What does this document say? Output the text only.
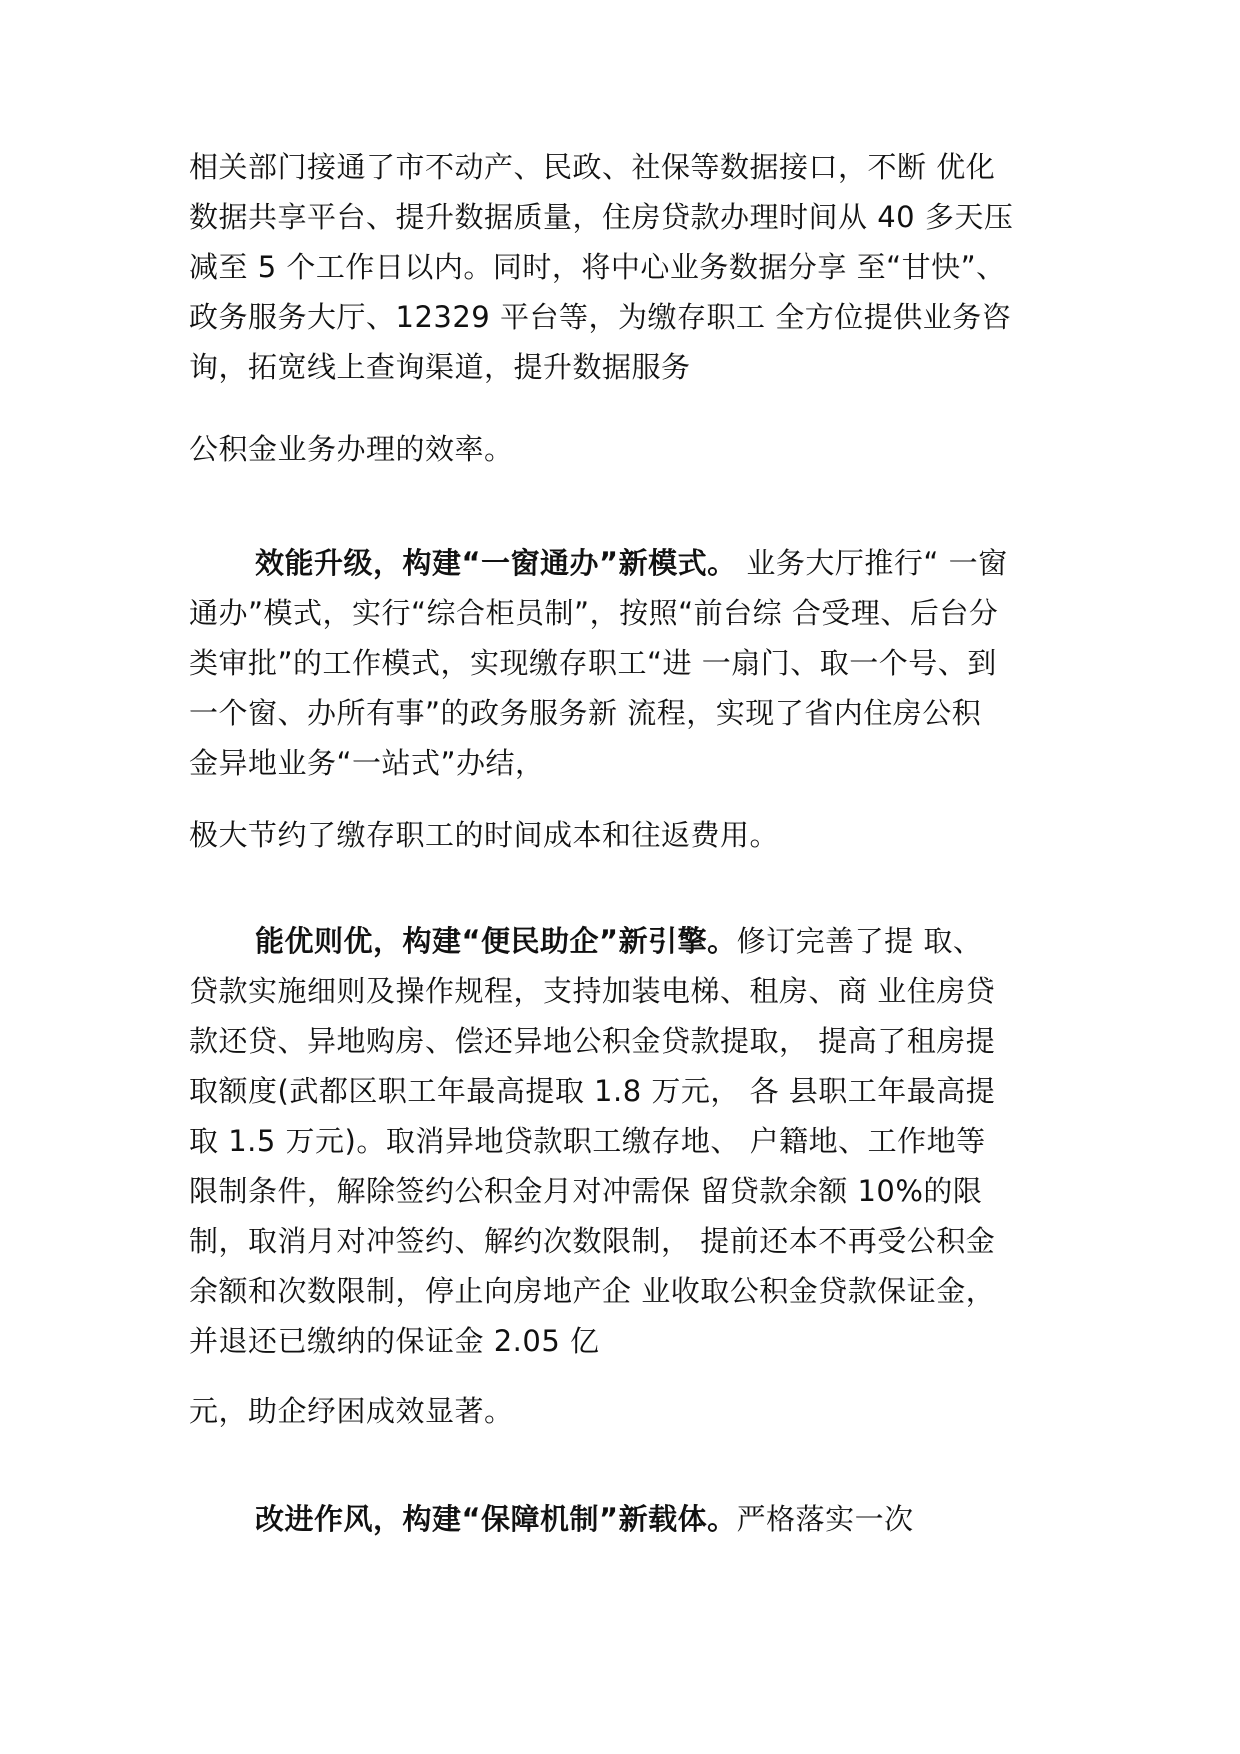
相关部门接通了市不动产、民政、社保等数据接口，不断 优化
数据共享平台、提升数据质量，住房贷款办理时间从 40 多天压
减至 5 个工作日以内。同时，将中心业务数据分享 至“甘快”、
政务服务大厅、12329 平台等，为缴存职工 全方位提供业务咨
询，拓宽线上查询渠道，提升数据服务
公积金业务办理的效率。
效能升级，构建“一窗通办”新模式。 业务大厅推行“ 一窗
通办”模式，实行“综合柜员制”，按照“前台综 合受理、后台分
类审批”的工作模式，实现缴存职工“进 一扇门、取一个号、到
一个窗、办所有事”的政务服务新 流程，实现了省内住房公积
金异地业务“一站式”办结，
极大节约了缴存职工的时间成本和往返费用。
能优则优，构建“便民助企”新引擎。修订完善了提 取、
贷款实施细则及操作规程，支持加装电梯、租房、商 业住房贷
款还贷、异地购房、偿还异地公积金贷款提取， 提高了租房提
取额度(武都区职工年最高提取 1.8 万元， 各 县职工年最高提
取 1.5 万元)。取消异地贷款职工缴存地、 户籍地、工作地等
限制条件，解除签约公积金月对冲需保 留贷款余额 10%的限
制，取消月对冲签约、解约次数限制， 提前还本不再受公积金
余额和次数限制，停止向房地产企 业收取公积金贷款保证金，
并退还已缴纳的保证金 2.05 亿
元，助企纾困成效显著。
改进作风，构建“保障机制”新载体。严格落实一次
